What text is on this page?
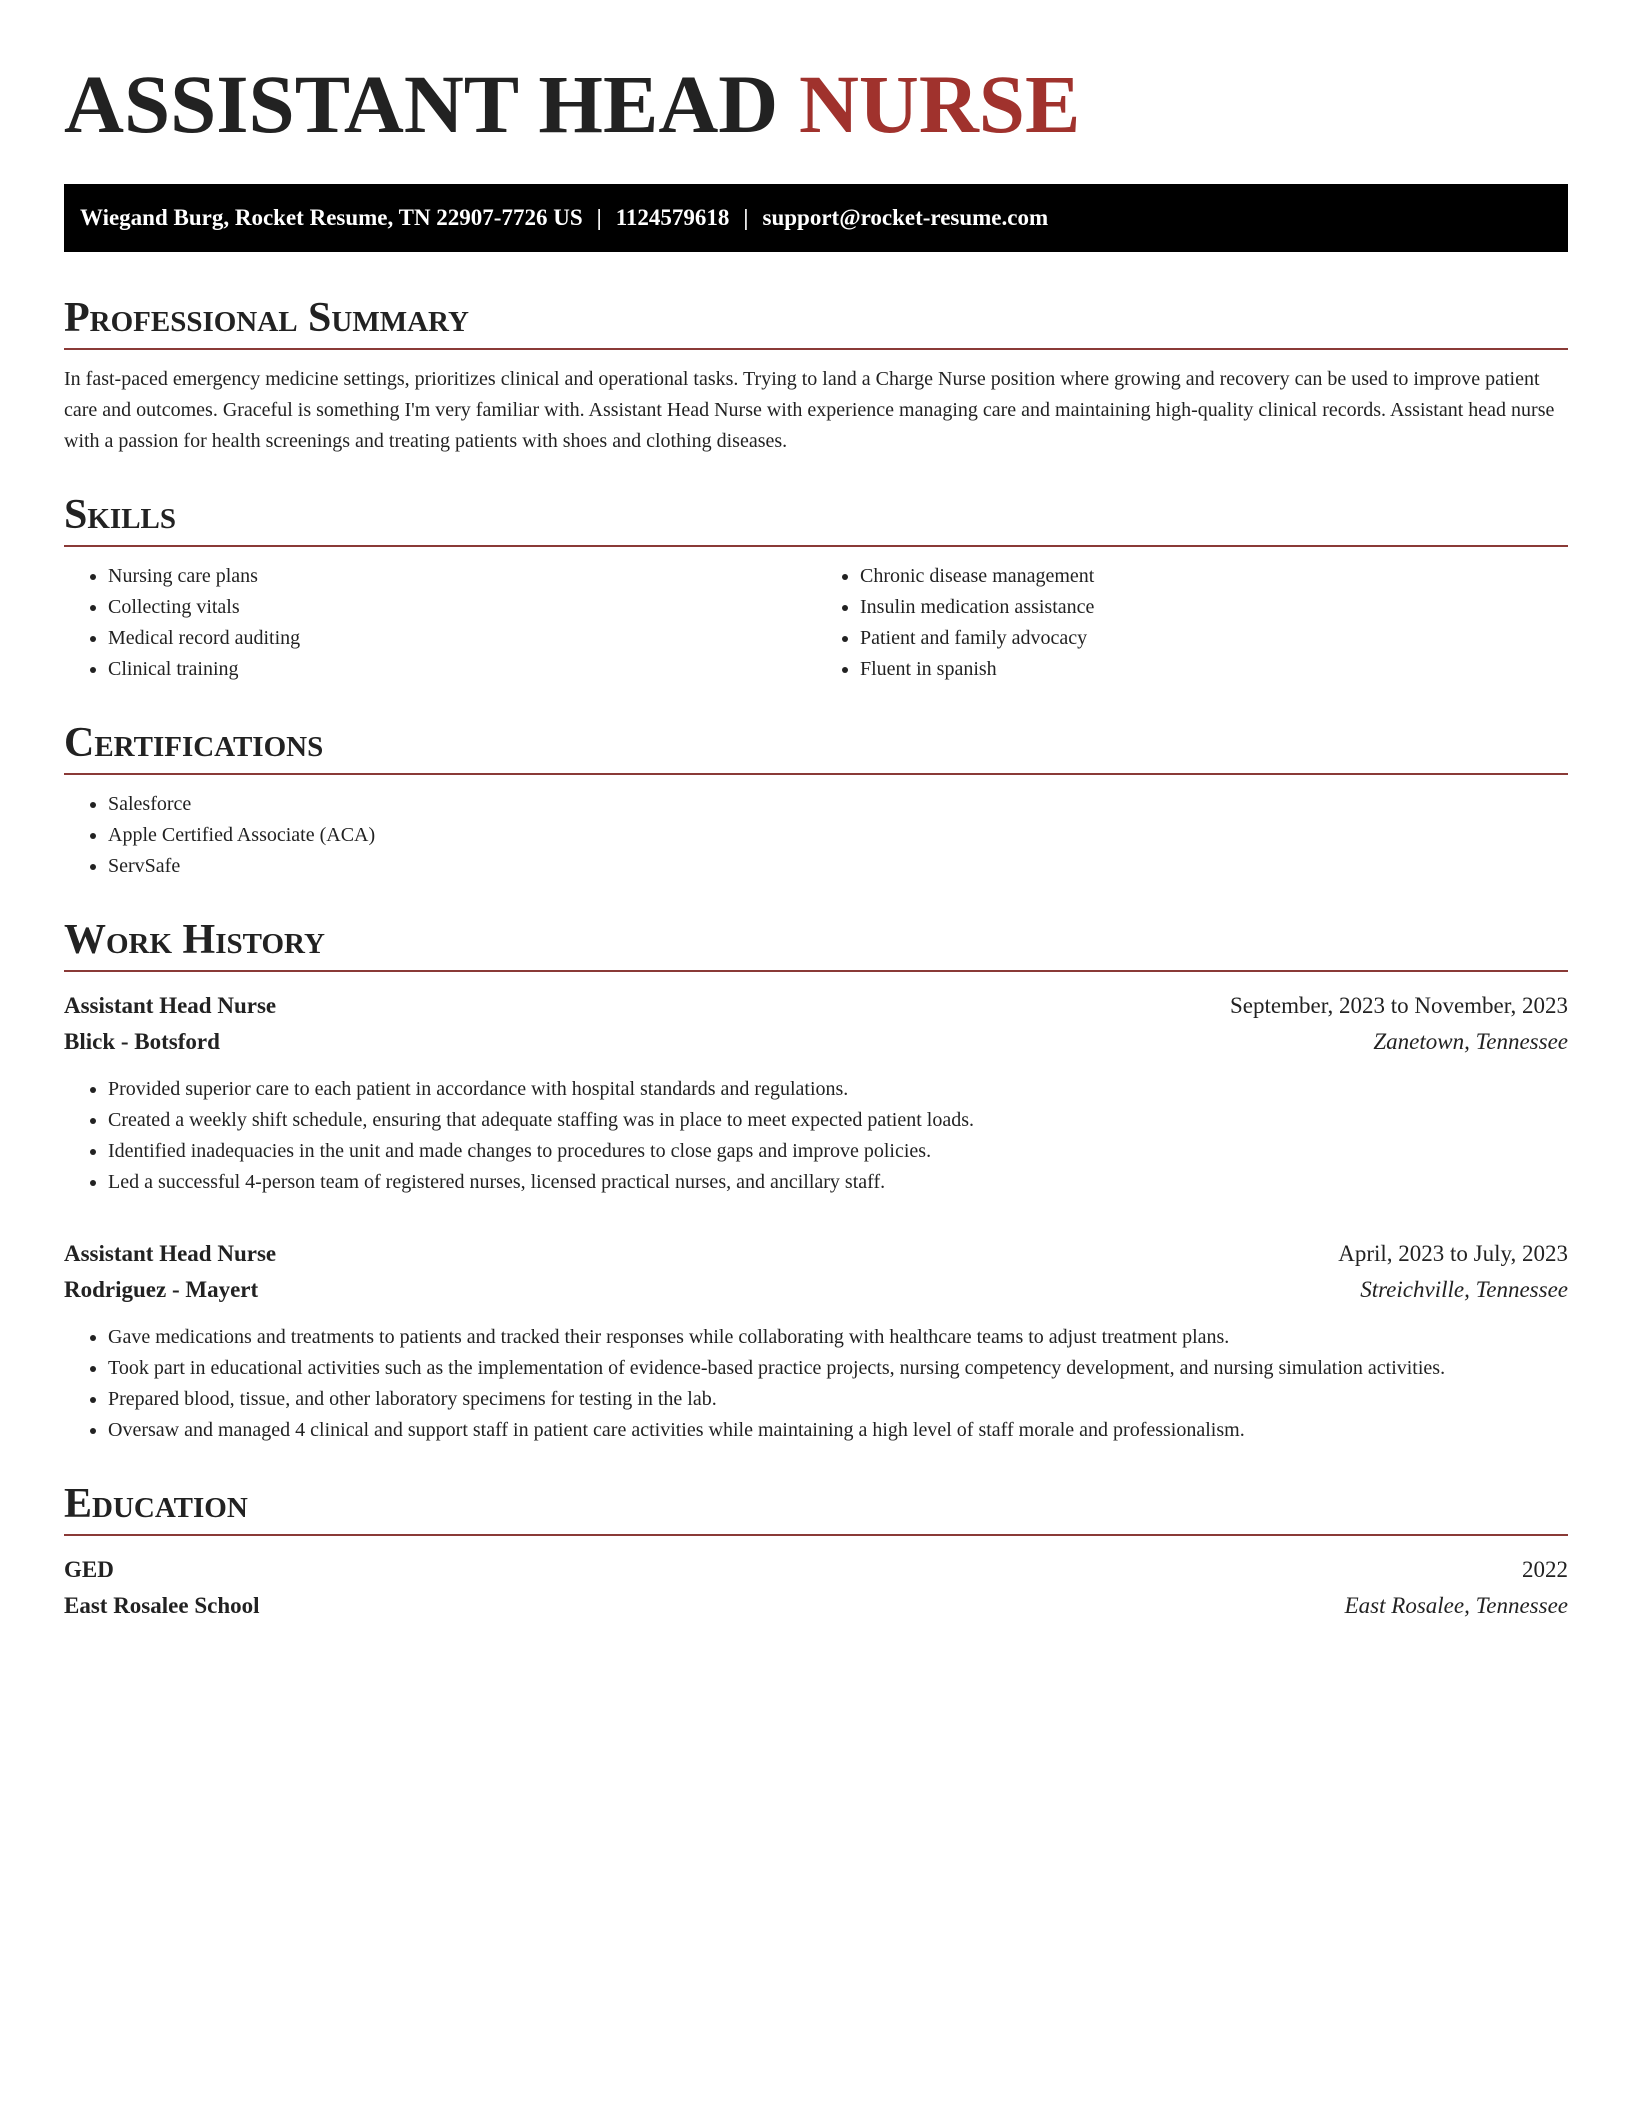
ASSISTANT HEAD NURSE
Wiegand Burg, Rocket Resume, TN 22907-7726 US | 1124579618 | support@rocket-resume.com
Professional Summary

In fast-paced emergency medicine settings, prioritizes clinical and operational tasks. Trying to land a Charge Nurse position where growing and recovery can be used to improve patient care and outcomes. Graceful is something I'm very familiar with. Assistant Head Nurse with experience managing care and maintaining high-quality clinical records. Assistant head nurse with a passion for health screenings and treating patients with shoes and clothing diseases.

Skills
• Nursing care plans
• Collecting vitals
• Medical record auditing
• Clinical training
• Chronic disease management
• Insulin medication assistance
• Patient and family advocacy
• Fluent in spanish
Certifications
• Salesforce
• Apple Certified Associate (ACA)
• ServSafe
Work History
Assistant Head Nurse	September, 2023 to November, 2023
Blick - Botsford	Zanetown, Tennessee
• Provided superior care to each patient in accordance with hospital standards and regulations.
• Created a weekly shift schedule, ensuring that adequate staffing was in place to meet expected patient loads.
• Identified inadequacies in the unit and made changes to procedures to close gaps and improve policies.
• Led a successful 4-person team of registered nurses, licensed practical nurses, and ancillary staff.
Assistant Head Nurse	April, 2023 to July, 2023
Rodriguez - Mayert	Streichville, Tennessee
• Gave medications and treatments to patients and tracked their responses while collaborating with healthcare teams to adjust treatment plans.
• Took part in educational activities such as the implementation of evidence-based practice projects, nursing competency development, and nursing simulation activities.
• Prepared blood, tissue, and other laboratory specimens for testing in the lab.
• Oversaw and managed 4 clinical and support staff in patient care activities while maintaining a high level of staff morale and professionalism.
Education
GED	2022
East Rosalee School	East Rosalee, Tennessee
